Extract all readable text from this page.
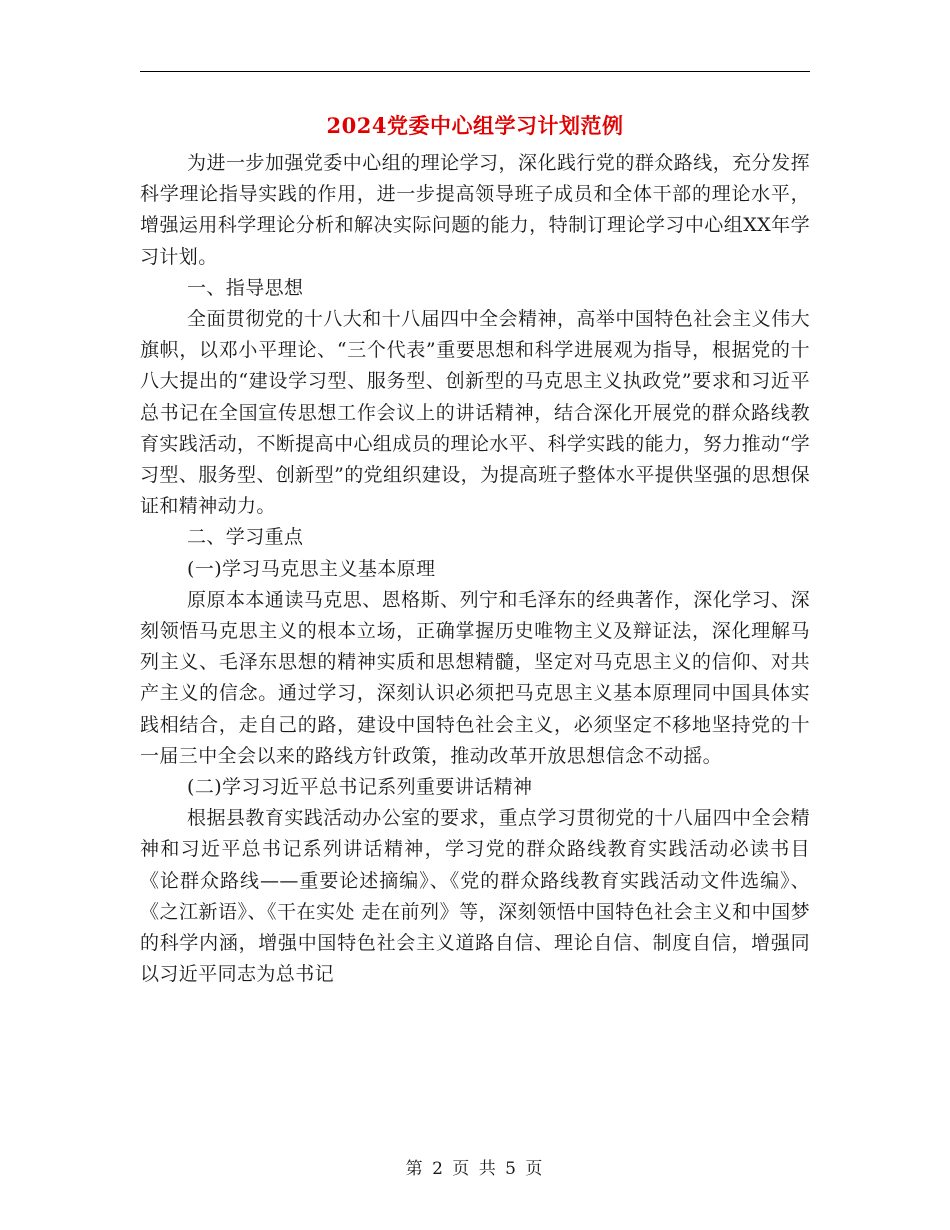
2024党委中心组学习计划范例

为进一步加强党委中心组的理论学习，深化践行党的群众路线，充分发挥科学理论指导实践的作用，进一步提高领导班子成员和全体干部的理论水平，增强运用科学理论分析和解决实际问题的能力，特制订理论学习中心组XX年学习计划。

一、指导思想

全面贯彻党的十八大和十八届四中全会精神，高举中国特色社会主义伟大旗帜，以邓小平理论、“三个代表”重要思想和科学进展观为指导，根据党的十八大提出的“建设学习型、服务型、创新型的马克思主义执政党”要求和习近平总书记在全国宣传思想工作会议上的讲话精神，结合深化开展党的群众路线教育实践活动，不断提高中心组成员的理论水平、科学实践的能力，努力推动“学习型、服务型、创新型”的党组织建设，为提高班子整体水平提供坚强的思想保证和精神动力。

二、学习重点

(一)学习马克思主义基本原理

原原本本通读马克思、恩格斯、列宁和毛泽东的经典著作，深化学习、深刻领悟马克思主义的根本立场，正确掌握历史唯物主义及辩证法，深化理解马列主义、毛泽东思想的精神实质和思想精髓，坚定对马克思主义的信仰、对共产主义的信念。通过学习，深刻认识必须把马克思主义基本原理同中国具体实践相结合，走自己的路，建设中国特色社会主义，必须坚定不移地坚持党的十一届三中全会以来的路线方针政策，推动改革开放思想信念不动摇。

(二)学习习近平总书记系列重要讲话精神

根据县教育实践活动办公室的要求，重点学习贯彻党的十八届四中全会精神和习近平总书记系列讲话精神，学习党的群众路线教育实践活动必读书目《论群众路线——重要论述摘编》、《党的群众路线教育实践活动文件选编》、《之江新语》、《干在实处 走在前列》等，深刻领悟中国特色社会主义和中国梦的科学内涵，增强中国特色社会主义道路自信、理论自信、制度自信，增强同以习近平同志为总书记

第 2 页 共 5 页
